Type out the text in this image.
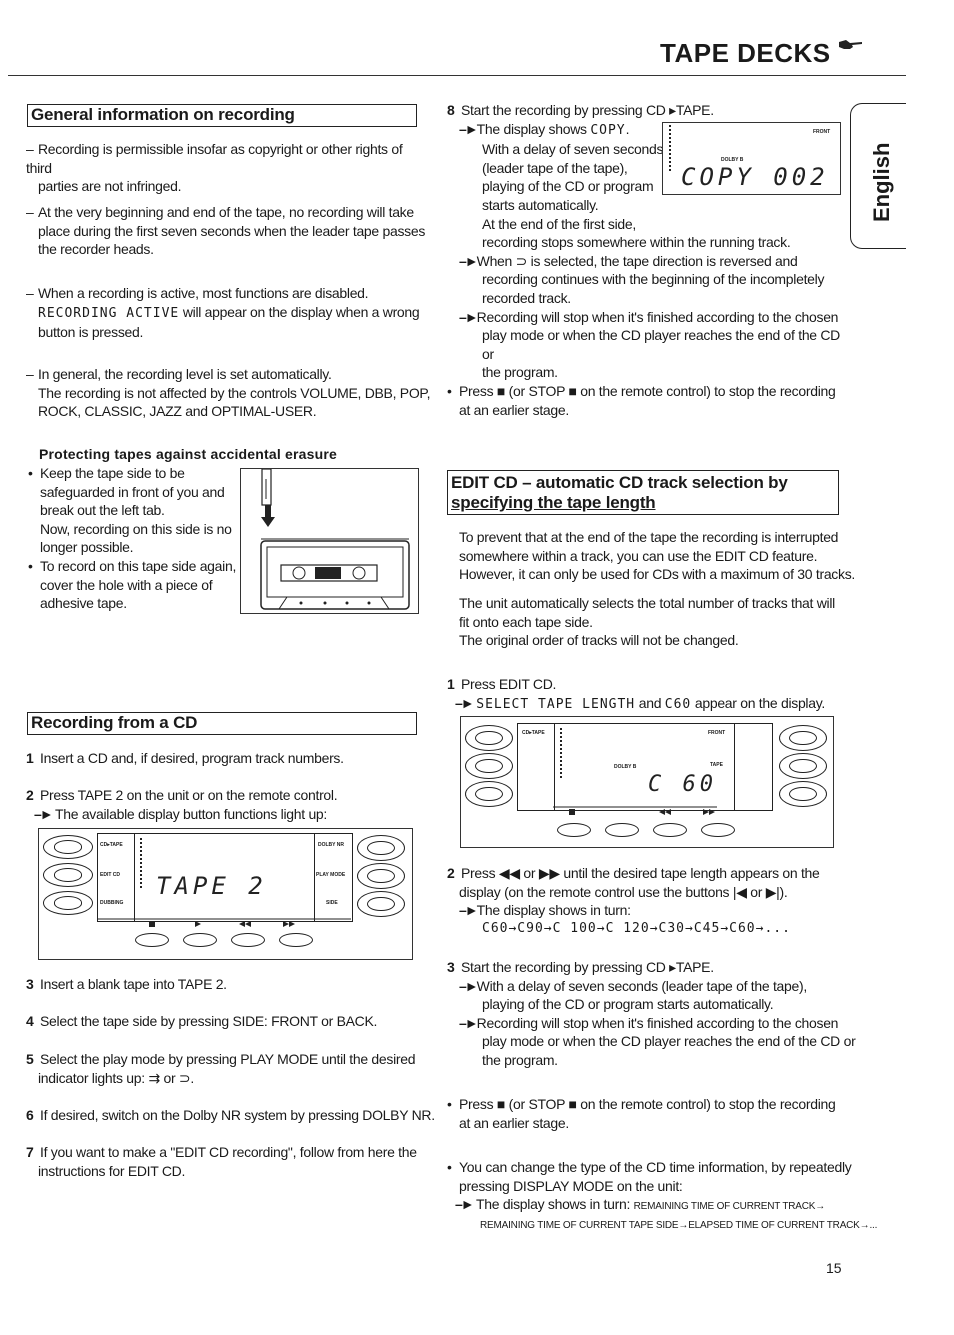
TAPE DECKS
English
General information on recording
– Recording is permissible insofar as copyright or other rights of third
parties are not infringed.
– At the very beginning and end of the tape, no recording will take
place during the first seven seconds when the leader tape passes
the recorder heads.
– When a recording is active, most functions are disabled.
RECORDING ACTIVE will appear on the display when a wrong
button is pressed.
– In general, the recording level is set automatically.
The recording is not affected by the controls VOLUME, DBB, POP,
ROCK, CLASSIC, JAZZ and OPTIMAL-USER.
Protecting tapes against accidental erasure
• Keep the tape side to be
safeguarded in front of you and
break out the left tab.
Now, recording on this side is no
longer possible.
• To record on this tape side again,
cover the hole with a piece of
adhesive tape.
Recording from a CD
1 Insert a CD and, if desired, program track numbers.
2 Press TAPE 2 on the unit or on the remote control.
–► The available display button functions light up:
CD▸TAPE
EDIT CD
DUBBING
DOLBY NR
PLAY MODE
SIDE
TAPE 2
3 Insert a blank tape into TAPE 2.
4 Select the tape side by pressing SIDE: FRONT or BACK.
5 Select the play mode by pressing PLAY MODE until the desired
indicator lights up: ⇉ or ⊃.
6 If desired, switch on the Dolby NR system by pressing DOLBY NR.
7 If you want to make a "EDIT CD recording", follow from here the
instructions for EDIT CD.
8 Start the recording by pressing CD ▸TAPE.
–►The display shows COPY.
With a delay of seven seconds
(leader tape of the tape),
playing of the CD or program
starts automatically.
At the end of the first side,
recording stops somewhere within the running track.
–►When ⊃ is selected, the tape direction is reversed and
recording continues with the beginning of the incompletely
recorded track.
–►Recording will stop when it's finished according to the chosen
play mode or when the CD player reaches the end of the CD or
the program.
FRONT
DOLBY B
COPY 002
• Press ■ (or STOP ■ on the remote control) to stop the recording
at an earlier stage.
EDIT CD – automatic CD track selection by
specifying the tape length
To prevent that at the end of the tape the recording is interrupted
somewhere within a track, you can use the EDIT CD feature.
However, it can only be used for CDs with a maximum of 30 tracks.
The unit automatically selects the total number of tracks that will
fit onto each tape side.
The original order of tracks will not be changed.
1 Press EDIT CD.
–► SELECT TAPE LENGTH and C60 appear on the display.
CD▸TAPE	FRONT
DOLBY B	TAPE
C 60
2 Press ◀◀ or ▶▶ until the desired tape length appears on the
display (on the remote control use the buttons |◀ or ▶|).
–►The display shows in turn:
C60→C90→C 100→C 120→C30→C45→C60→...
3 Start the recording by pressing CD ▸TAPE.
–►With a delay of seven seconds (leader tape of the tape),
playing of the CD or program starts automatically.
–►Recording will stop when it's finished according to the chosen
play mode or when the CD player reaches the end of the CD or
the program.
• Press ■ (or STOP ■ on the remote control) to stop the recording
at an earlier stage.
• You can change the type of the CD time information, by repeatedly
pressing DISPLAY MODE on the unit:
–► The display shows in turn: REMAINING TIME OF CURRENT TRACK→
REMAINING TIME OF CURRENT TAPE SIDE→ELAPSED TIME OF CURRENT TRACK→...
15
